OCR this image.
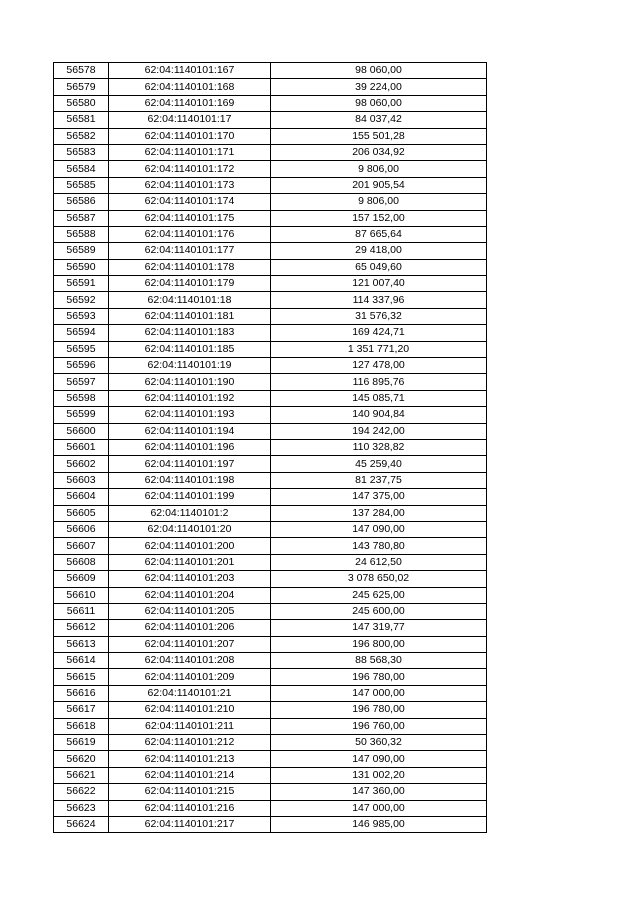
56578	62:04:1140101:167	98 060,00
56579	62:04:1140101:168	39 224,00
56580	62:04:1140101:169	98 060,00
56581	62:04:1140101:17	84 037,42
56582	62:04:1140101:170	155 501,28
56583	62:04:1140101:171	206 034,92
56584	62:04:1140101:172	9 806,00
56585	62:04:1140101:173	201 905,54
56586	62:04:1140101:174	9 806,00
56587	62:04:1140101:175	157 152,00
56588	62:04:1140101:176	87 665,64
56589	62:04:1140101:177	29 418,00
56590	62:04:1140101:178	65 049,60
56591	62:04:1140101:179	121 007,40
56592	62:04:1140101:18	114 337,96
56593	62:04:1140101:181	31 576,32
56594	62:04:1140101:183	169 424,71
56595	62:04:1140101:185	1 351 771,20
56596	62:04:1140101:19	127 478,00
56597	62:04:1140101:190	116 895,76
56598	62:04:1140101:192	145 085,71
56599	62:04:1140101:193	140 904,84
56600	62:04:1140101:194	194 242,00
56601	62:04:1140101:196	110 328,82
56602	62:04:1140101:197	45 259,40
56603	62:04:1140101:198	81 237,75
56604	62:04:1140101:199	147 375,00
56605	62:04:1140101:2	137 284,00
56606	62:04:1140101:20	147 090,00
56607	62:04:1140101:200	143 780,80
56608	62:04:1140101:201	24 612,50
56609	62:04:1140101:203	3 078 650,02
56610	62:04:1140101:204	245 625,00
56611	62:04:1140101:205	245 600,00
56612	62:04:1140101:206	147 319,77
56613	62:04:1140101:207	196 800,00
56614	62:04:1140101:208	88 568,30
56615	62:04:1140101:209	196 780,00
56616	62:04:1140101:21	147 000,00
56617	62:04:1140101:210	196 780,00
56618	62:04:1140101:211	196 760,00
56619	62:04:1140101:212	50 360,32
56620	62:04:1140101:213	147 090,00
56621	62:04:1140101:214	131 002,20
56622	62:04:1140101:215	147 360,00
56623	62:04:1140101:216	147 000,00
56624	62:04:1140101:217	146 985,00
